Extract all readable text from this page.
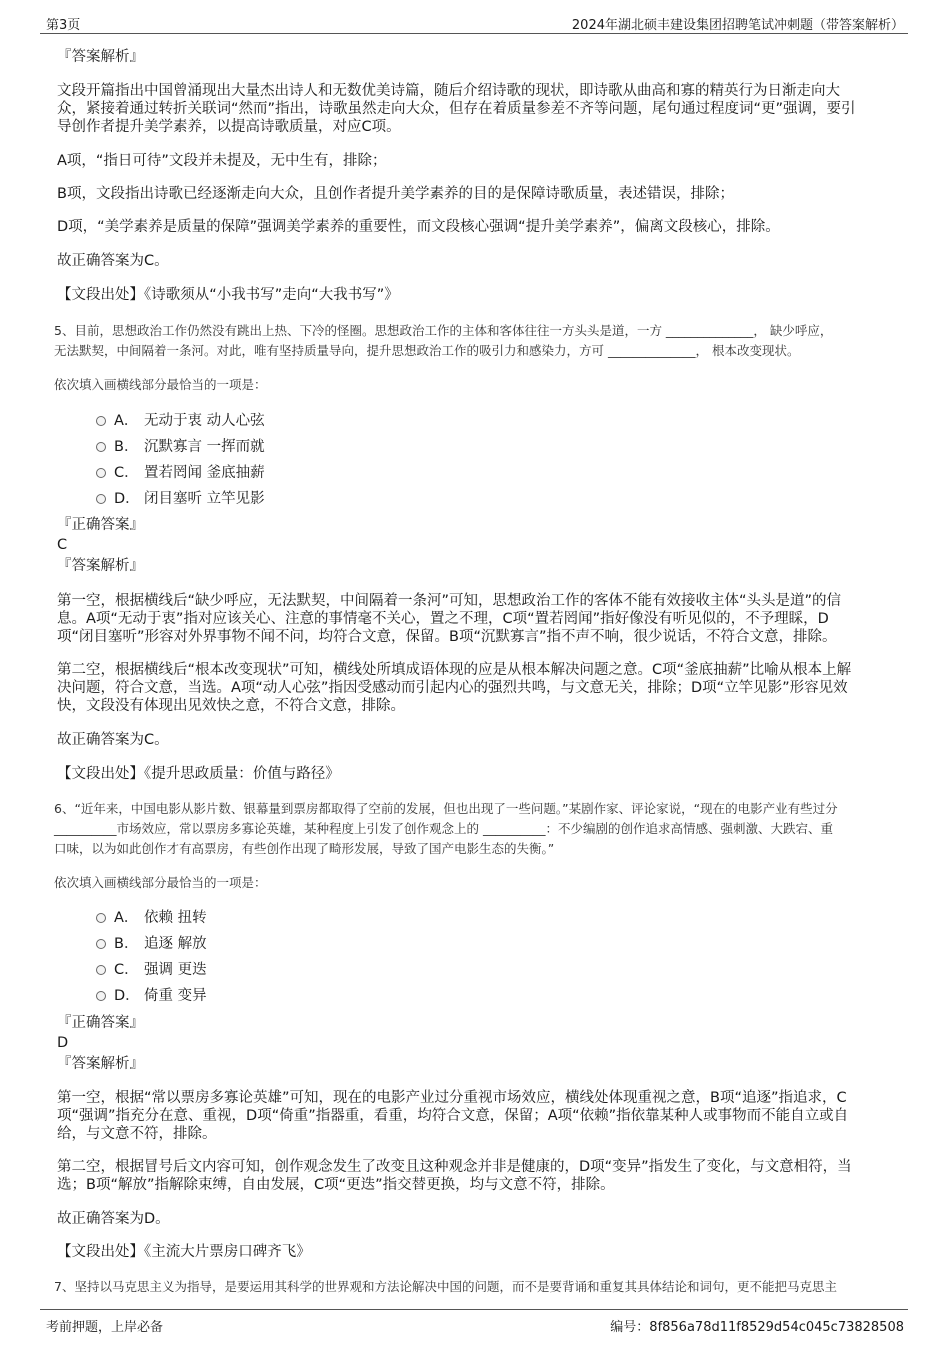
第3页	2024年湖北硕丰建设集团招聘笔试冲刺题（带答案解析）

『答案解析』

文段开篇指出中国曾涌现出大量杰出诗人和无数优美诗篇，随后介绍诗歌的现状，即诗歌从曲高和寡的精英行为日渐走向大

众，紧接着通过转折关联词“然而”指出，诗歌虽然走向大众，但存在着质量参差不齐等问题，尾句通过程度词“更”强调，要引

导创作者提升美学素养，以提高诗歌质量，对应C项。

A项，“指日可待”文段并未提及，无中生有，排除；

B项，文段指出诗歌已经逐渐走向大众，且创作者提升美学素养的目的是保障诗歌质量，表述错误，排除；

D项，“美学素养是质量的保障”强调美学素养的重要性，而文段核心强调“提升美学素养”，偏离文段核心，排除。

故正确答案为C。

【文段出处】《诗歌须从“小我书写”走向“大我书写”》

5、目前，思想政治工作仍然没有跳出上热、下冷的怪圈。思想政治工作的主体和客体往往一方头头是道，一方 ______________， 缺少呼应，

无法默契，中间隔着一条河。对此，唯有坚持质量导向，提升思想政治工作的吸引力和感染力，方可 ______________， 根本改变现状。

依次填入画横线部分最恰当的一项是：

A． 无动于衷 动人心弦
B． 沉默寡言 一挥而就
C． 置若罔闻 釜底抽薪
D． 闭目塞听 立竿见影

『正确答案』

C

『答案解析』

第一空，根据横线后“缺少呼应，无法默契，中间隔着一条河”可知，思想政治工作的客体不能有效接收主体“头头是道”的信

息。A项“无动于衷”指对应该关心、注意的事情毫不关心，置之不理，C项“置若罔闻”指好像没有听见似的，不予理睬，D

项“闭目塞听”形容对外界事物不闻不问，均符合文意，保留。B项“沉默寡言”指不声不响，很少说话，不符合文意，排除。

第二空，根据横线后“根本改变现状”可知，横线处所填成语体现的应是从根本解决问题之意。C项“釜底抽薪”比喻从根本上解

决问题，符合文意，当选。A项“动人心弦”指因受感动而引起内心的强烈共鸣，与文意无关，排除；D项“立竿见影”形容见效

快，文段没有体现出见效快之意，不符合文意，排除。

故正确答案为C。

【文段出处】《提升思政质量：价值与路径》

6、“近年来，中国电影从影片数、银幕量到票房都取得了空前的发展，但也出现了一些问题。”某剧作家、评论家说，“现在的电影产业有些过分

__________市场效应，常以票房多寡论英雄，某种程度上引发了创作观念上的 __________：不少编剧的创作追求高情感、强刺激、大跌宕、重

口味，以为如此创作才有高票房，有些创作出现了畸形发展，导致了国产电影生态的失衡。”

依次填入画横线部分最恰当的一项是：

A． 依赖 扭转
B． 追逐 解放
C． 强调 更迭
D． 倚重 变异

『正确答案』

D

『答案解析』

第一空，根据“常以票房多寡论英雄”可知，现在的电影产业过分重视市场效应，横线处体现重视之意，B项“追逐”指追求，C

项“强调”指充分在意、重视，D项“倚重”指器重，看重，均符合文意，保留；A项“依赖”指依靠某种人或事物而不能自立或自

给，与文意不符，排除。

第二空，根据冒号后文内容可知，创作观念发生了改变且这种观念并非是健康的，D项“变异”指发生了变化，与文意相符，当

选；B项“解放”指解除束缚，自由发展，C项“更迭”指交替更换，均与文意不符，排除。

故正确答案为D。

【文段出处】《主流大片票房口碑齐飞》

7、坚持以马克思主义为指导，是要运用其科学的世界观和方法论解决中国的问题，而不是要背诵和重复其具体结论和词句，更不能把马克思主

考前押题，上岸必备	编号：8f856a78d11f8529d54c045c73828508
